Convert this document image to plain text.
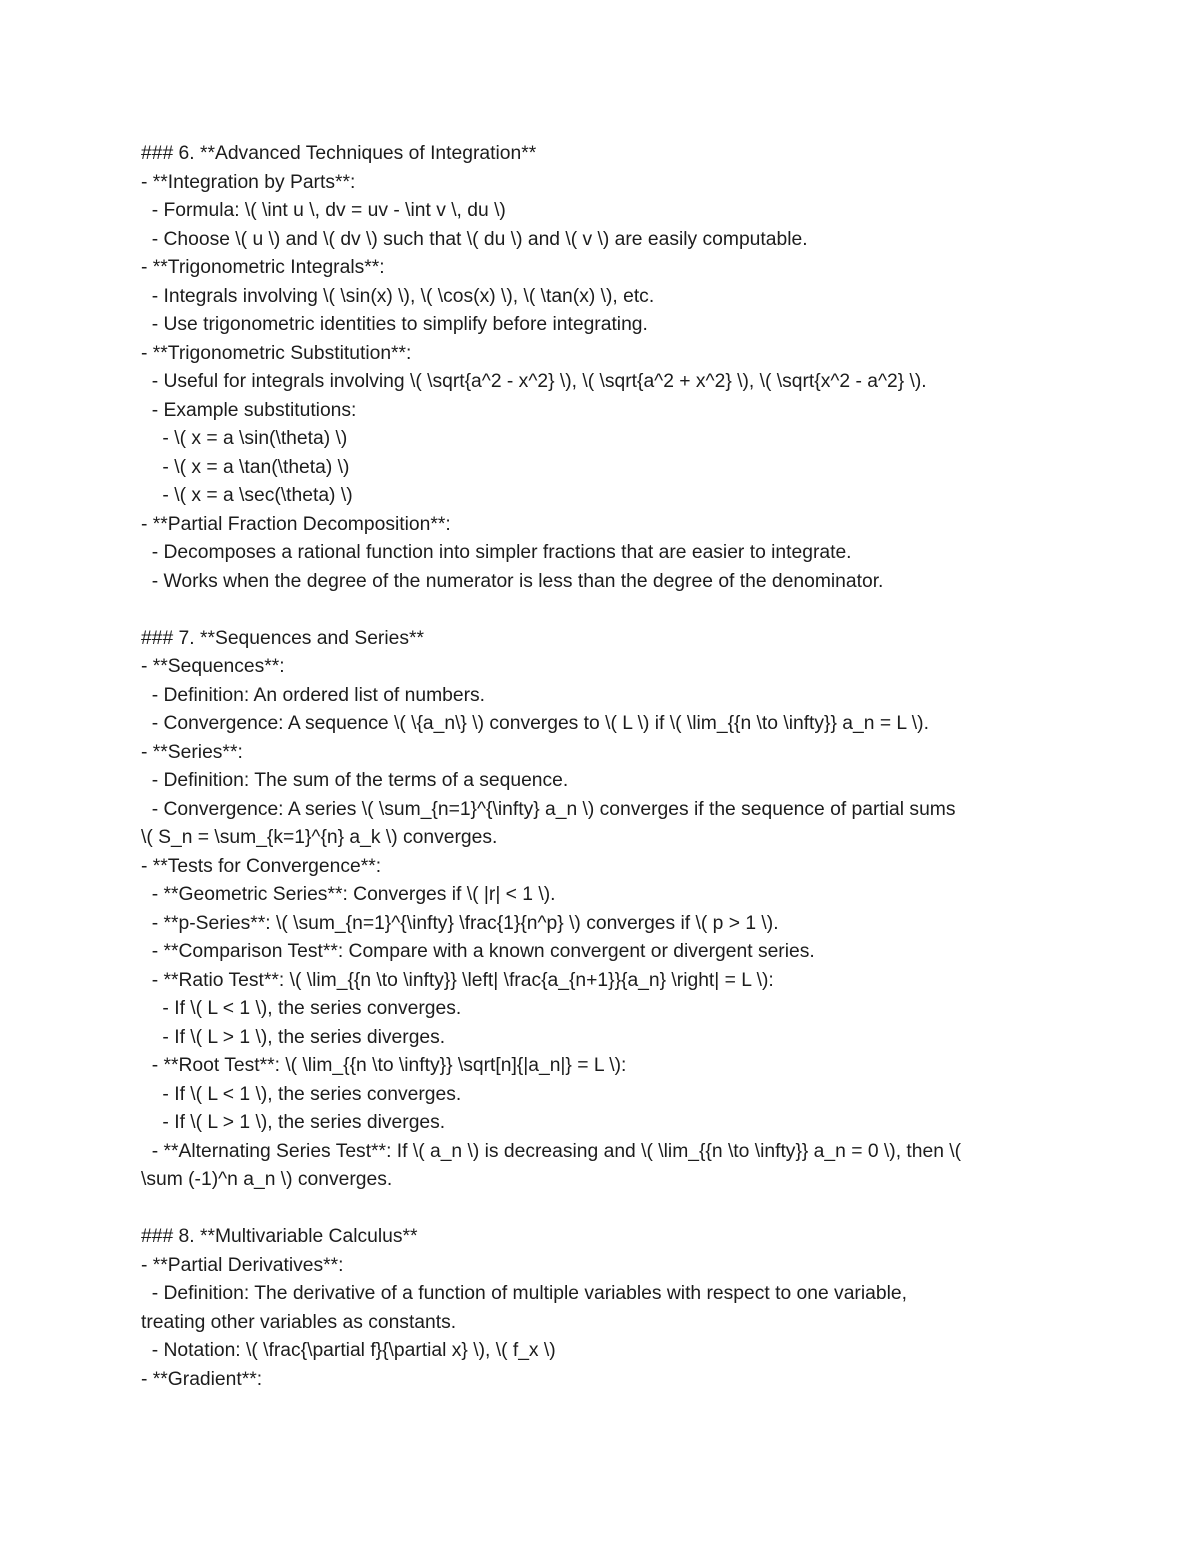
### 6. **Advanced Techniques of Integration**
- **Integration by Parts**:
- Formula: \( \int u \, dv = uv - \int v \, du \)
- Choose \( u \) and \( dv \) such that \( du \) and \( v \) are easily computable.
- **Trigonometric Integrals**:
- Integrals involving \( \sin(x) \), \( \cos(x) \), \( \tan(x) \), etc.
- Use trigonometric identities to simplify before integrating.
- **Trigonometric Substitution**:
- Useful for integrals involving \( \sqrt{a^2 - x^2} \), \( \sqrt{a^2 + x^2} \), \( \sqrt{x^2 - a^2} \).
- Example substitutions:
- \( x = a \sin(\theta) \)
- \( x = a \tan(\theta) \)
- \( x = a \sec(\theta) \)
- **Partial Fraction Decomposition**:
- Decomposes a rational function into simpler fractions that are easier to integrate.
- Works when the degree of the numerator is less than the degree of the denominator.
### 7. **Sequences and Series**
- **Sequences**:
- Definition: An ordered list of numbers.
- Convergence: A sequence \( \{a_n\} \) converges to \( L \) if \( \lim_{{n \to \infty}} a_n = L \).
- **Series**:
- Definition: The sum of the terms of a sequence.
- Convergence: A series \( \sum_{n=1}^{\infty} a_n \) converges if the sequence of partial sums
\( S_n = \sum_{k=1}^{n} a_k \) converges.
- **Tests for Convergence**:
- **Geometric Series**: Converges if \( |r| < 1 \).
- **p-Series**: \( \sum_{n=1}^{\infty} \frac{1}{n^p} \) converges if \( p > 1 \).
- **Comparison Test**: Compare with a known convergent or divergent series.
- **Ratio Test**: \( \lim_{{n \to \infty}} \left| \frac{a_{n+1}}{a_n} \right| = L \):
- If \( L < 1 \), the series converges.
- If \( L > 1 \), the series diverges.
- **Root Test**: \( \lim_{{n \to \infty}} \sqrt[n]{|a_n|} = L \):
- If \( L < 1 \), the series converges.
- If \( L > 1 \), the series diverges.
- **Alternating Series Test**: If \( a_n \) is decreasing and \( \lim_{{n \to \infty}} a_n = 0 \), then \(
\sum (-1)^n a_n \) converges.
### 8. **Multivariable Calculus**
- **Partial Derivatives**:
- Definition: The derivative of a function of multiple variables with respect to one variable,
treating other variables as constants.
- Notation: \( \frac{\partial f}{\partial x} \), \( f_x \)
- **Gradient**:
